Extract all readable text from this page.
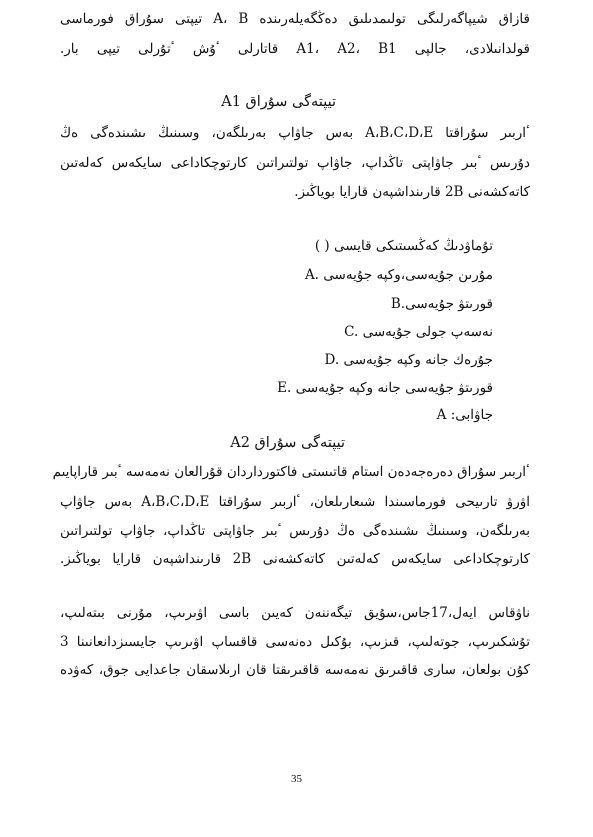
قازاق شيپاگەرلىگى تولىمدىلىق دەڭگەيلەرىندە A، B تيپتى سۇراق فورماسى
قولدانىلادى، جالپى A1، A2، B1 قاتارلى ٴۇش ٴتۇرلى تيپى بار.
A1 تيپتەگى سۇراق
ٴاربىر سۇراقتا A،B،C،D،E بەس جاۋاپ بەرىلگەن، وسىنىڭ ىشىندەگى ەڭ
دۇرىس ٴبىر جاۋاپتى تاڭداپ، جاۋاپ تولتىراتىن كارتوچكاداعى سايكەس كەلەتىن
كاتەكشەنى 2B قارىنداشپەن قارايا بوياڭىز.
تۇماۋدىڭ كەڭسىتىكى قايسى ( )
A. مۇرىن جۇيەسى،وكپە جۇيەسى
B.قورىتۋ جۇيەسى
C. نەسەپ جولى جۇيەسى
D. جۇرەك جانە وكپە جۇيەسى
E. قورىتۋ جۇيەسى جانە وكپە جۇيەسى
جاۋابى: A
A2 تيپتەگى سۇراق
ٴاربىر سۇراق دەرەجەدەن استام قاتىستى فاكتورداردان قۇرالعان نەمەسە ٴبىر قاراپايىم
اۋرۋ تارىيحى فورماسىندا شىعارىلعان، ٴاربىر سۇراقتا A،B،C،D،E بەس جاۋاپ
بەرىلگەن، وسىنىڭ ىشىندەگى ەڭ دۇرىس ٴبىر جاۋاپتى تاڭداپ، جاۋاپ تولتىراتىن
كارتوچكاداعى سايكەس كەلەتىن كاتەكشەنى 2B قارىنداشپەن قارايا بوياڭىز.
ناۋقاس ايەل،17جاس،سۇيق تيگەننەن كەيىن باسى اۋىرىپ، مۇرنى بىتەلىپ،
تۇشكىرىپ، جوتەلىپ، قىزىپ، بۇكىل دەنەسى قاقساپ اۋىرىپ جايسىزدانعانىنا 3
كۇن بولعان، سارى قاقىرىق نەمەسە قاقىرىقتا قان ارىلاسقان جاعدايى جوق، كەۋدە
35
